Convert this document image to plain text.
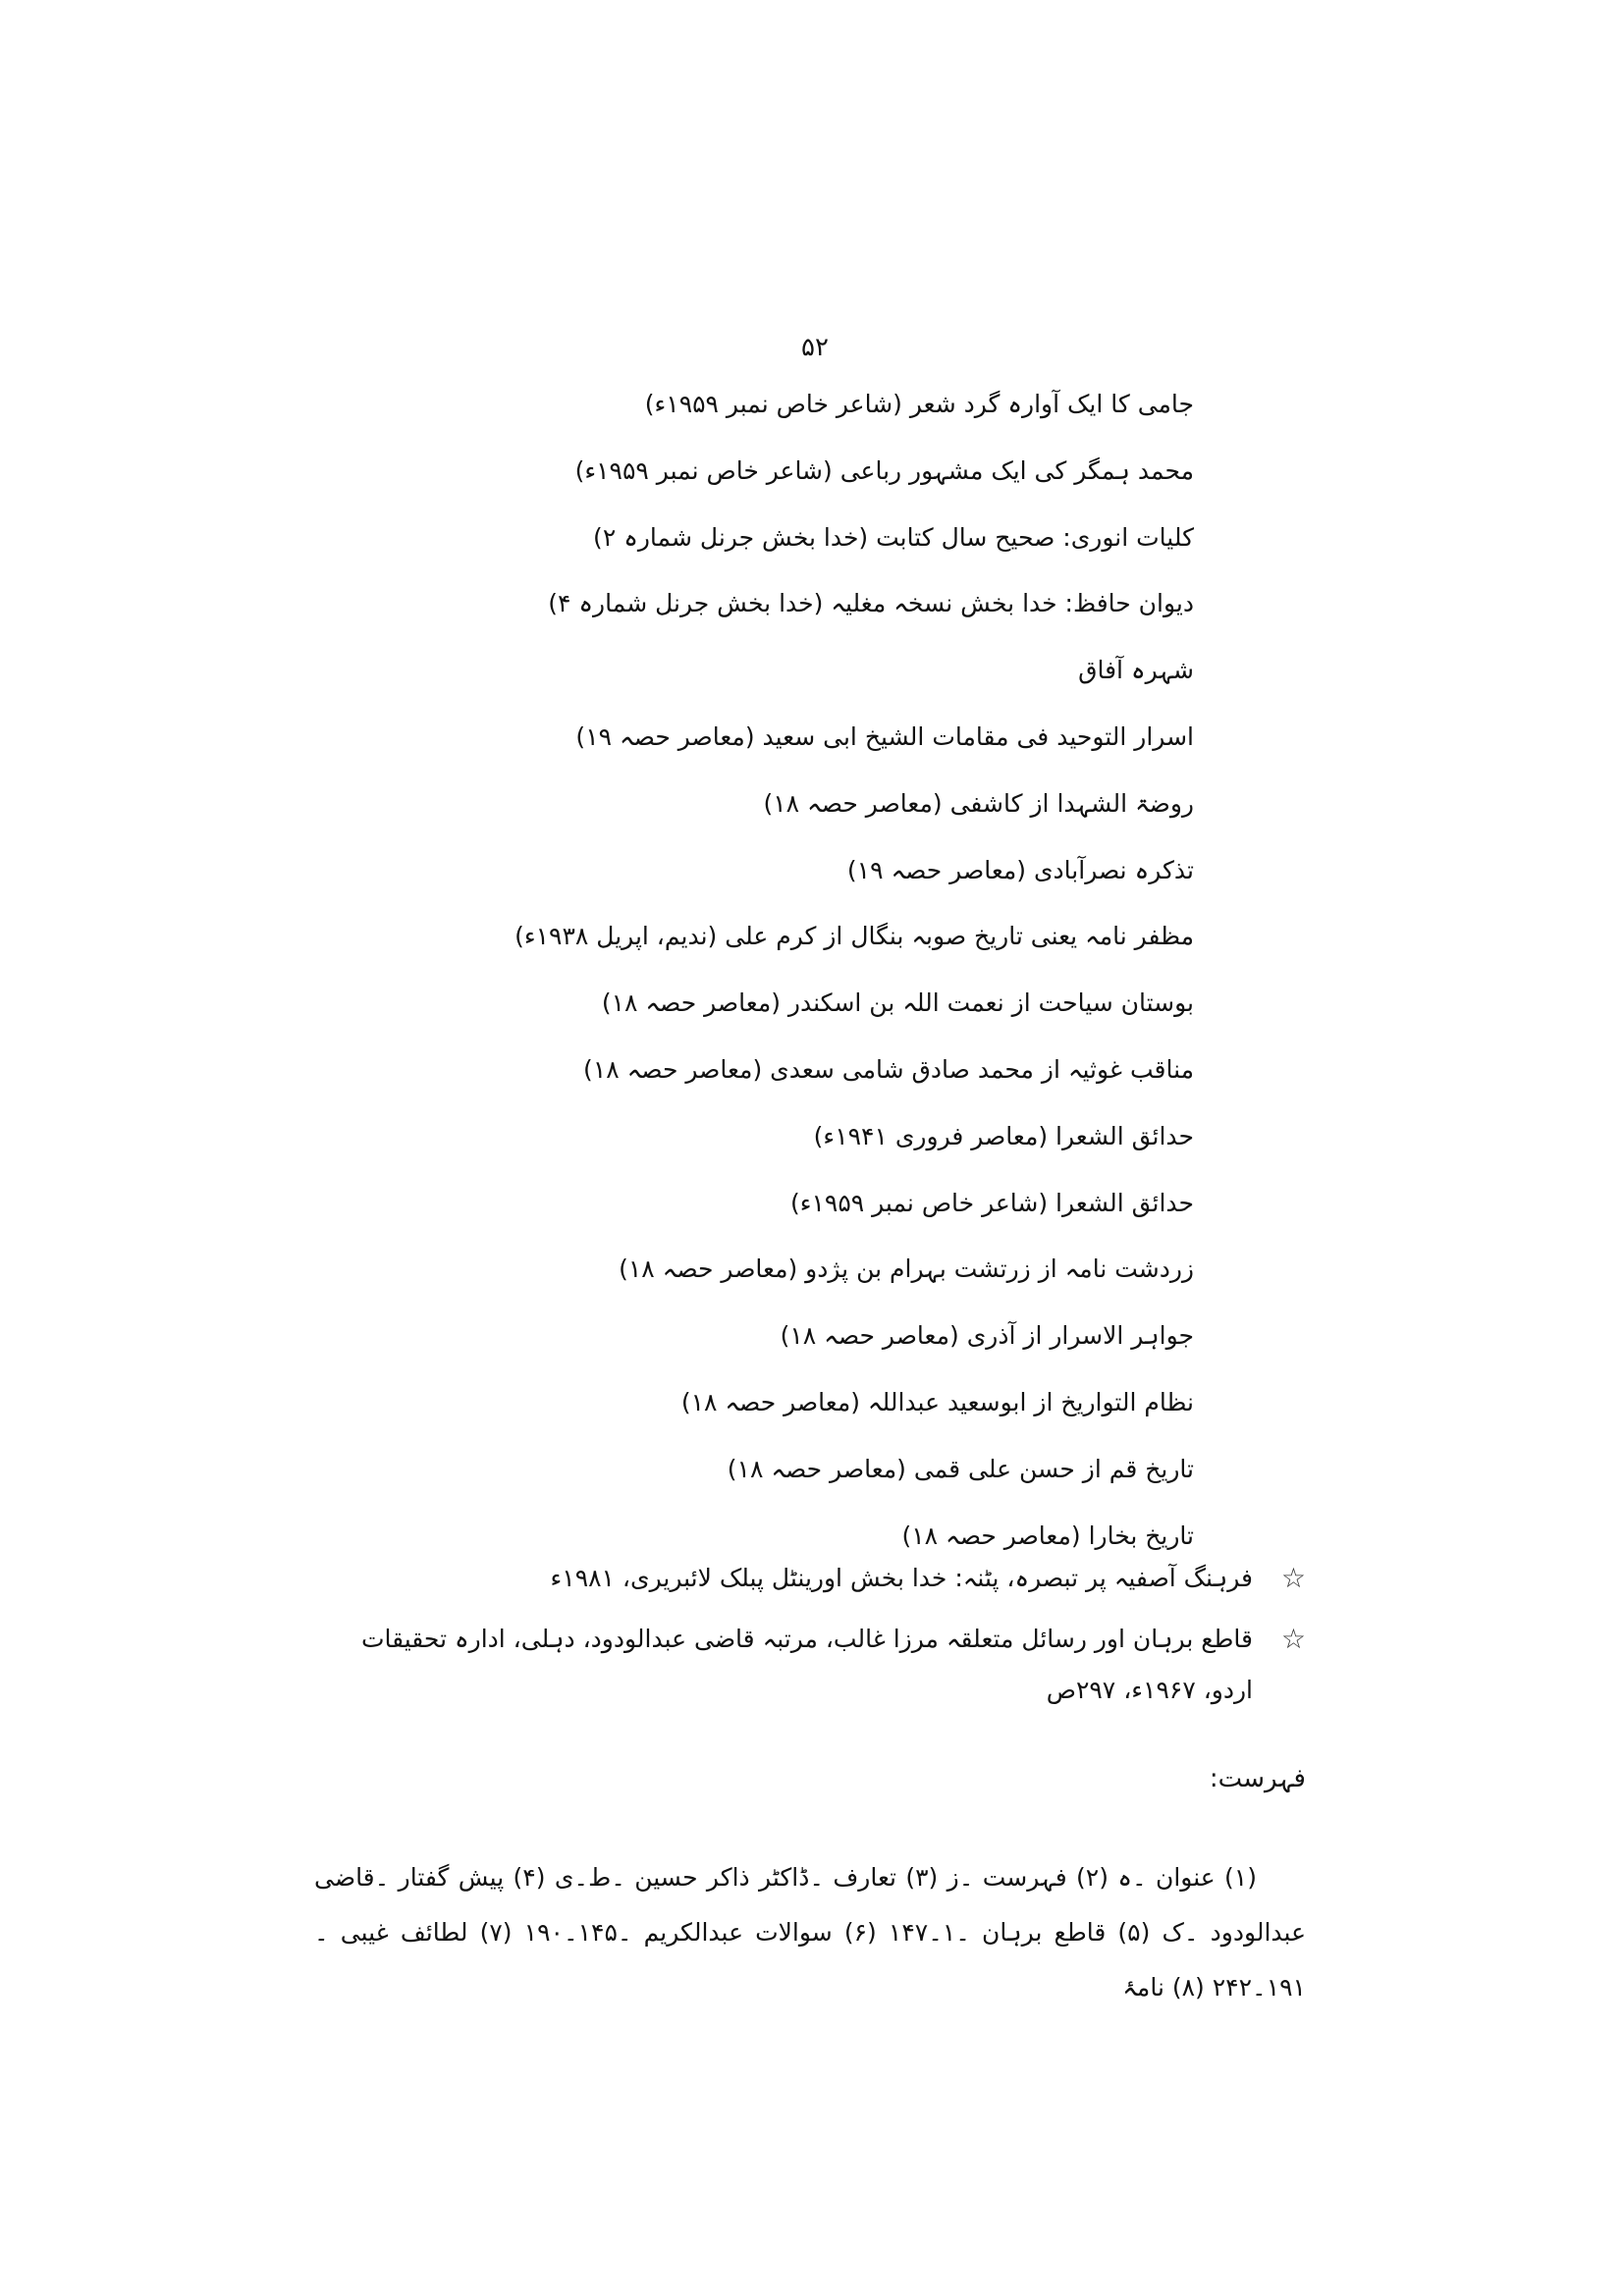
۵۲
جامی کا ایک آوارہ گرد شعر (شاعر خاص نمبر ۱۹۵۹ء)
محمد ہمگر کی ایک مشہور رباعی (شاعر خاص نمبر ۱۹۵۹ء)
کلیات انوری: صحیح سال کتابت (خدا بخش جرنل شمارہ ۲)
دیوان حافظ: خدا بخش نسخہ مغلیہ (خدا بخش جرنل شمارہ ۴)
شہرہ آفاق
اسرار التوحید فی مقامات الشیخ ابی سعید (معاصر حصہ ۱۹)
روضۃ الشہدا از کاشفی (معاصر حصہ ۱۸)
تذکرہ نصرآبادی (معاصر حصہ ۱۹)
مظفر نامہ یعنی تاریخ صوبہ بنگال از کرم علی (ندیم، اپریل ۱۹۳۸ء)
بوستان سیاحت از نعمت اللہ بن اسکندر (معاصر حصہ ۱۸)
مناقب غوثیہ از محمد صادق شامی سعدی (معاصر حصہ ۱۸)
حدائق الشعرا (معاصر فروری ۱۹۴۱ء)
حدائق الشعرا (شاعر خاص نمبر ۱۹۵۹ء)
زردشت نامہ از زرتشت بہرام بن پژدو (معاصر حصہ ۱۸)
جواہر الاسرار از آذری (معاصر حصہ ۱۸)
نظام التواریخ از ابوسعید عبداللہ (معاصر حصہ ۱۸)
تاریخ قم از حسن علی قمی (معاصر حصہ ۱۸)
تاریخ بخارا (معاصر حصہ ۱۸)
☆
فرہنگ آصفیہ پر تبصرہ، پٹنہ: خدا بخش اورینٹل پبلک لائبریری، ۱۹۸۱ء
☆
قاطع برہان اور رسائل متعلقہ مرزا غالب، مرتبہ قاضی عبدالودود، دہلی، ادارہ تحقیقات اردو، ۱۹۶۷ء، ۲۹۷ص
فہرست:

(۱) عنوان ۔ہ (۲) فہرست ۔ز (۳) تعارف ۔ڈاکٹر ذاکر حسین ۔ط۔ی (۴) پیش گفتار ۔قاضی عبدالودود ۔ک (۵) قاطع برہان ۔۱۔۱۴۷ (۶) سوالات عبدالکریم ۔۱۴۵۔۱۹۰ (۷) لطائف غیبی ۔۱۹۱۔۲۴۲ (۸) نامۂ
